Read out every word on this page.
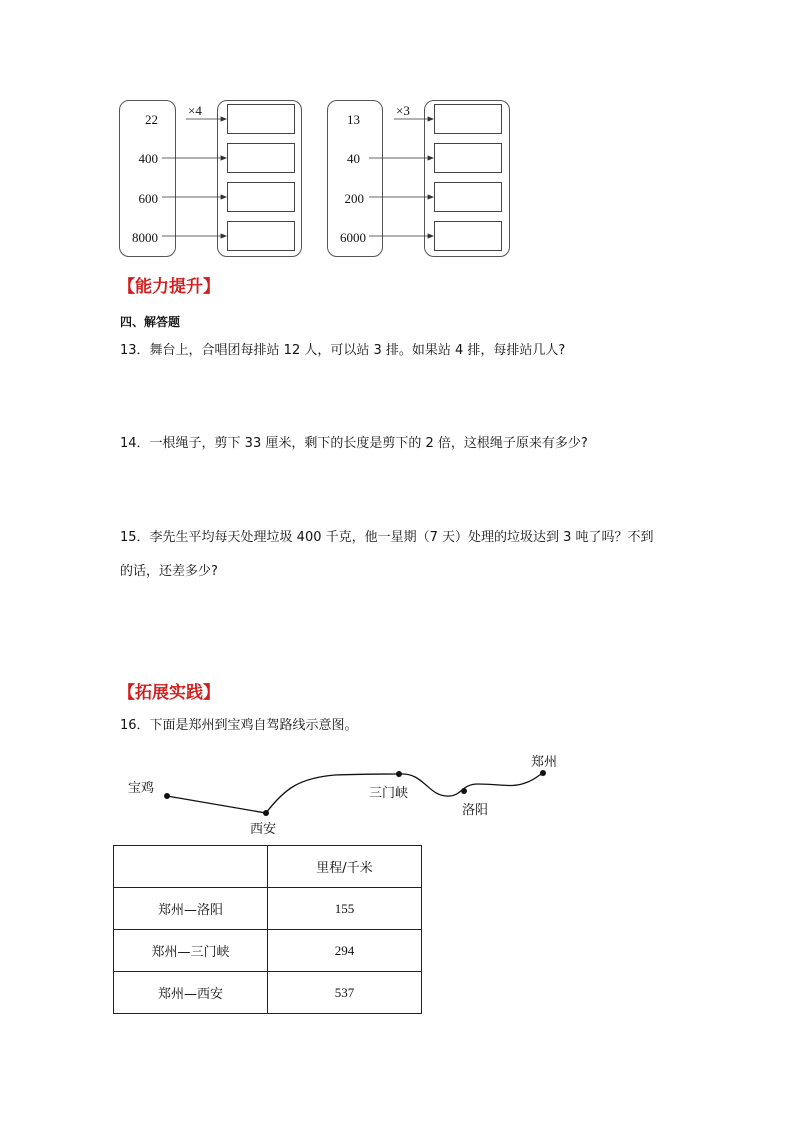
×4
22
400
600
8000
×3
13
40
200
6000
【能力提升】
四、解答题
13．舞台上，合唱团每排站 12 人，可以站 3 排。如果站 4 排，每排站几人?
14．一根绳子，剪下 33 厘米，剩下的长度是剪下的 2 倍，这根绳子原来有多少?
15．李先生平均每天处理垃圾 400 千克，他一星期（7 天）处理的垃圾达到 3 吨了吗？不到
的话，还差多少?
【拓展实践】
16．下面是郑州到宝鸡自驾路线示意图。
宝鸡
西安
三门峡
洛阳
郑州
	里程/千米
郑州—洛阳	155
郑州—三门峡	294
郑州—西安	537
